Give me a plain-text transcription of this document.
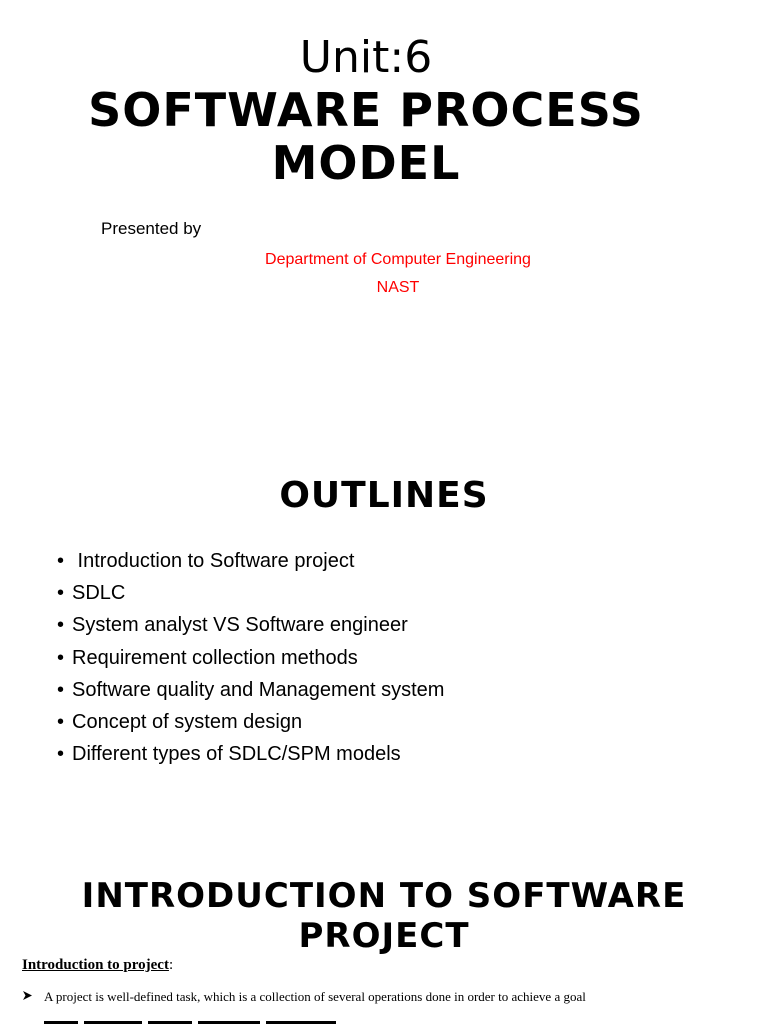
Unit:6
SOFTWARE PROCESS
MODEL
Presented by
Department of Computer Engineering
NAST
OUTLINES
• Introduction to Software project
• SDLC
• System analyst VS Software engineer
• Requirement collection methods
• Software quality and Management system
• Concept of system design
• Different types of SDLC/SPM models
INTRODUCTION TO SOFTWARE
PROJECT
Introduction to project:
A project is well-defined task, which is a collection of several operations done in order to achieve a goal
